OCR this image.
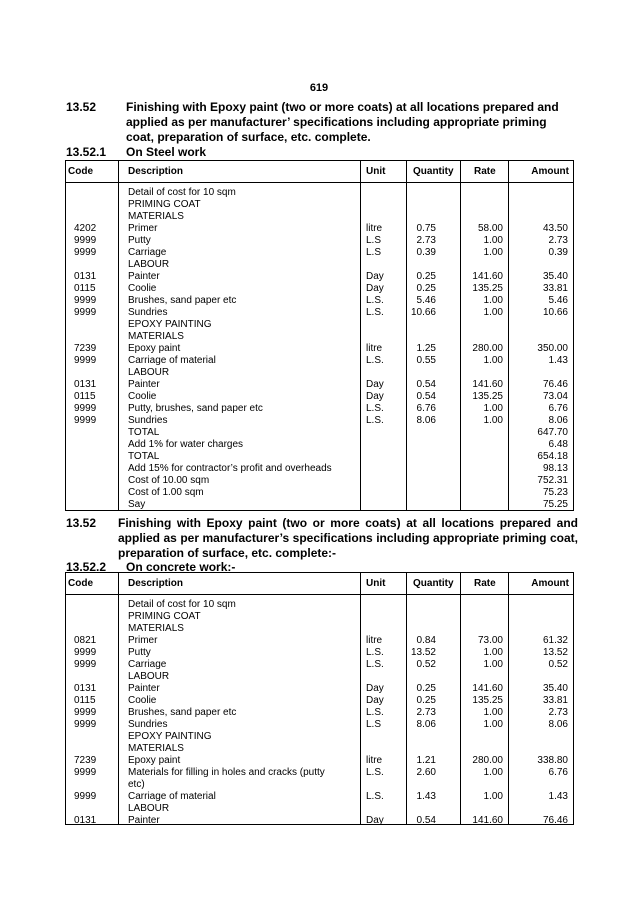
619
13.52 Finishing with Epoxy paint (two or more coats) at all locations prepared and applied as per manufacturer’ specifications including appropriate priming coat, preparation of surface, etc. complete.
13.52.1 On Steel work
Code	Description	Unit	Quantity Rate	Amount
Detail of cost for 10 sqm
PRIMING COAT
MATERIALS
4202	Primer	litre	0.75	58.00	43.50
9999	Putty	L.S	2.73	1.00	2.73
9999	Carriage	L.S	0.39	1.00	0.39
LABOUR
0131	Painter	Day	0.25	141.60	35.40
0115	Coolie	Day	0.25	135.25	33.81
9999	Brushes, sand paper etc	L.S.	5.46	1.00	5.46
9999	Sundries	L.S.	10.66	1.00	10.66
EPOXY PAINTING
MATERIALS
7239	Epoxy paint	litre	1.25	280.00	350.00
9999	Carriage of material	L.S.	0.55	1.00	1.43
LABOUR
0131	Painter	Day	0.54	141.60	76.46
0115	Coolie	Day	0.54	135.25	73.04
9999	Putty, brushes, sand paper etc	L.S.	6.76	1.00	6.76
9999	Sundries	L.S.	8.06	1.00	8.06
TOTAL	647.70
Add 1% for water charges	6.48
TOTAL	654.18
Add 15% for contractor’s profit and overheads	98.13
Cost of 10.00 sqm	752.31
Cost of 1.00 sqm	75.23
Say	75.25
13.52 Finishing with Epoxy paint (two or more coats) at all locations prepared and applied as per manufacturer’s specifications including appropriate priming coat, preparation of surface, etc. complete:-
13.52.2 On concrete work:-
Code	Description	Unit	Quantity Rate	Amount
Detail of cost for 10 sqm
PRIMING COAT
MATERIALS
0821	Primer	litre	0.84	73.00	61.32
9999	Putty	L.S.	13.52	1.00	13.52
9999	Carriage	L.S.	0.52	1.00	0.52
LABOUR
0131	Painter	Day	0.25	141.60	35.40
0115	Coolie	Day	0.25	135.25	33.81
9999	Brushes, sand paper etc	L.S.	2.73	1.00	2.73
9999	Sundries	L.S	8.06	1.00	8.06
EPOXY PAINTING
MATERIALS
7239	Epoxy paint	litre	1.21	280.00	338.80
9999	Materials for filling in holes and cracks (putty	L.S.	2.60	1.00	6.76
etc)
9999	Carriage of material	L.S.	1.43	1.00	1.43
LABOUR
0131	Painter	Day	0.54	141.60	76.46
